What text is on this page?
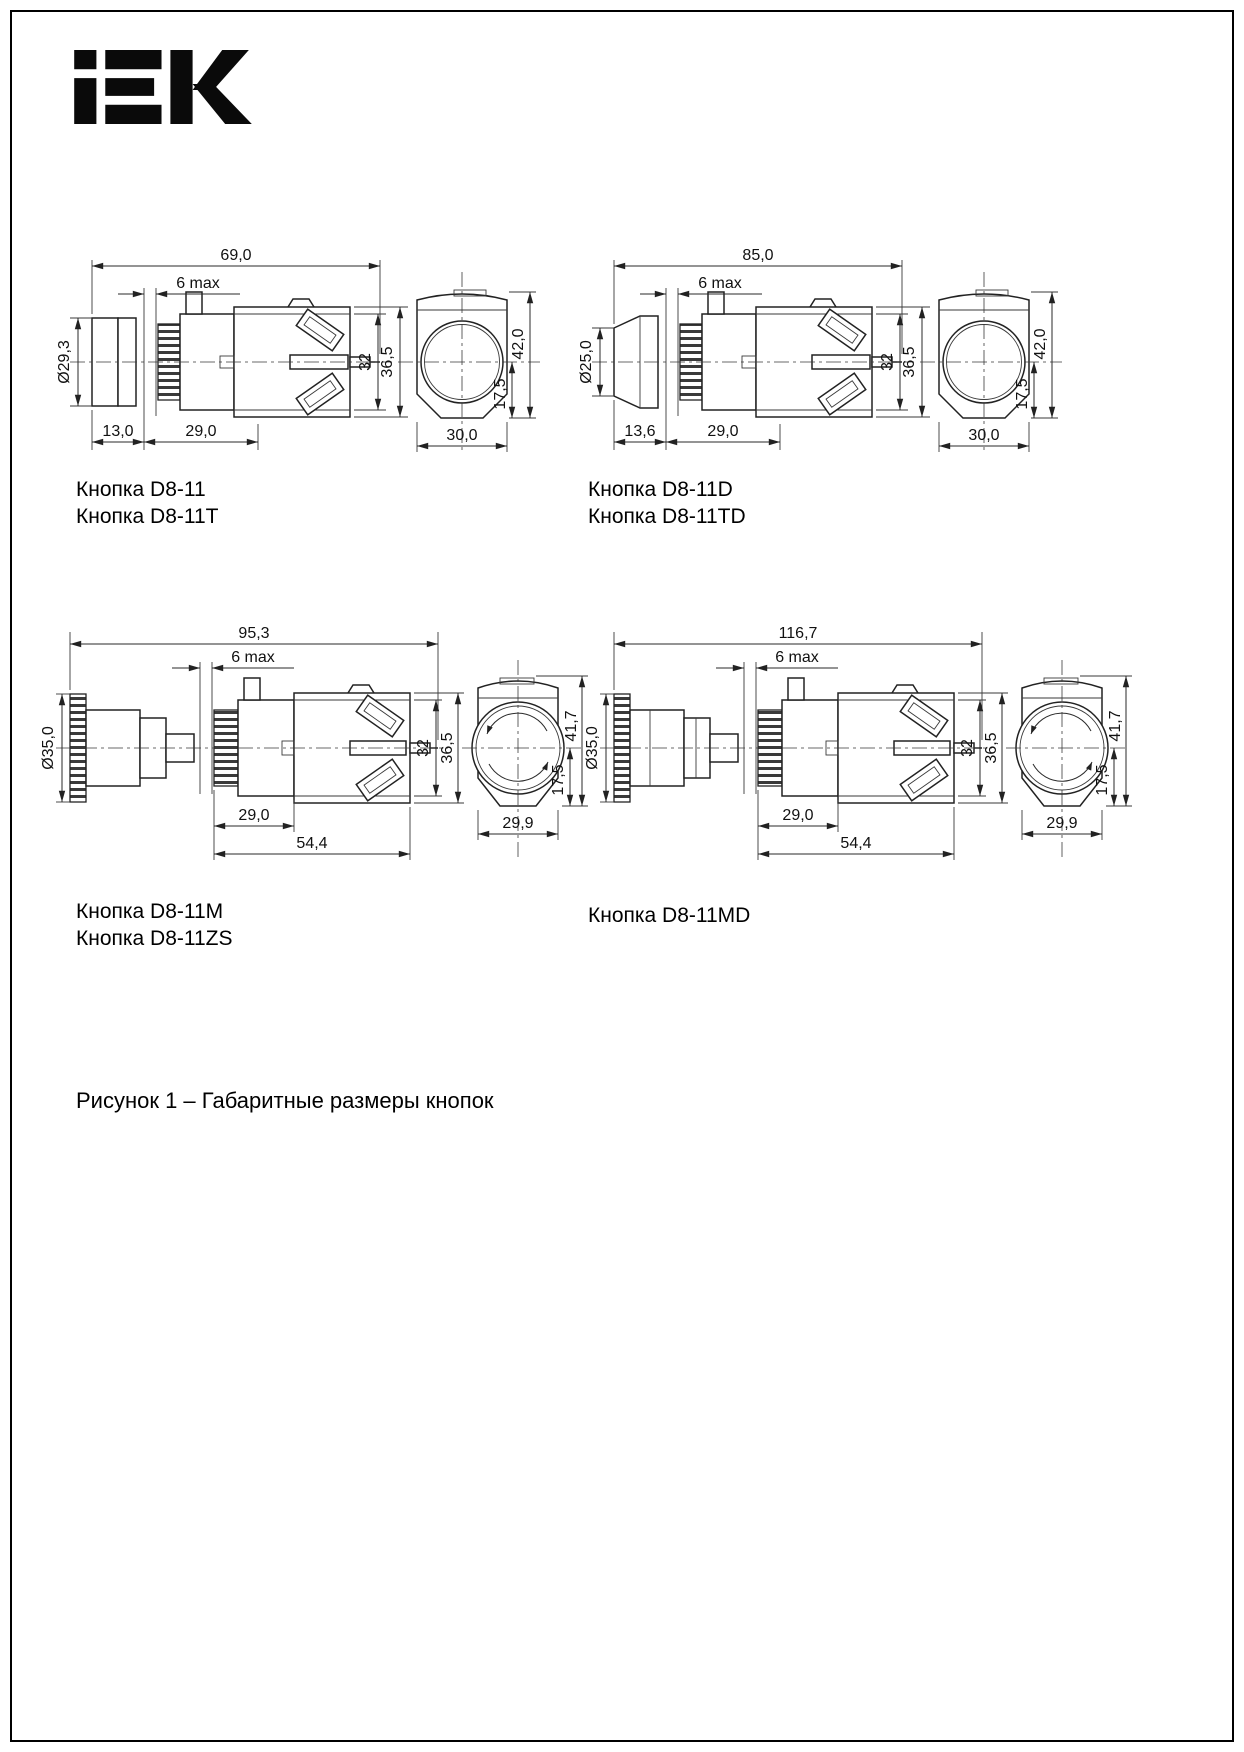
69,0
6 max
Ø29,3
13,0	29,0
32 36,5
30,0
42,0
17,5
85,0
6 max
Ø25,0
13,6	29,0
32 36,5
30,0
42,0
17,5
95,3
6 max
Ø35,0
29,0
54,4
32 36,5
29,9
17,5
41,7
116,7
6 max
Ø35,0
29,0
54,4
32 36,5
29,9
17,5
41,7
Кнопка D8-11
Кнопка D8-11T
Кнопка D8-11D
Кнопка D8-11TD
Кнопка D8-11M
Кнопка D8-11ZS
Кнопка D8-11MD
Рисунок 1 – Габаритные размеры кнопок
